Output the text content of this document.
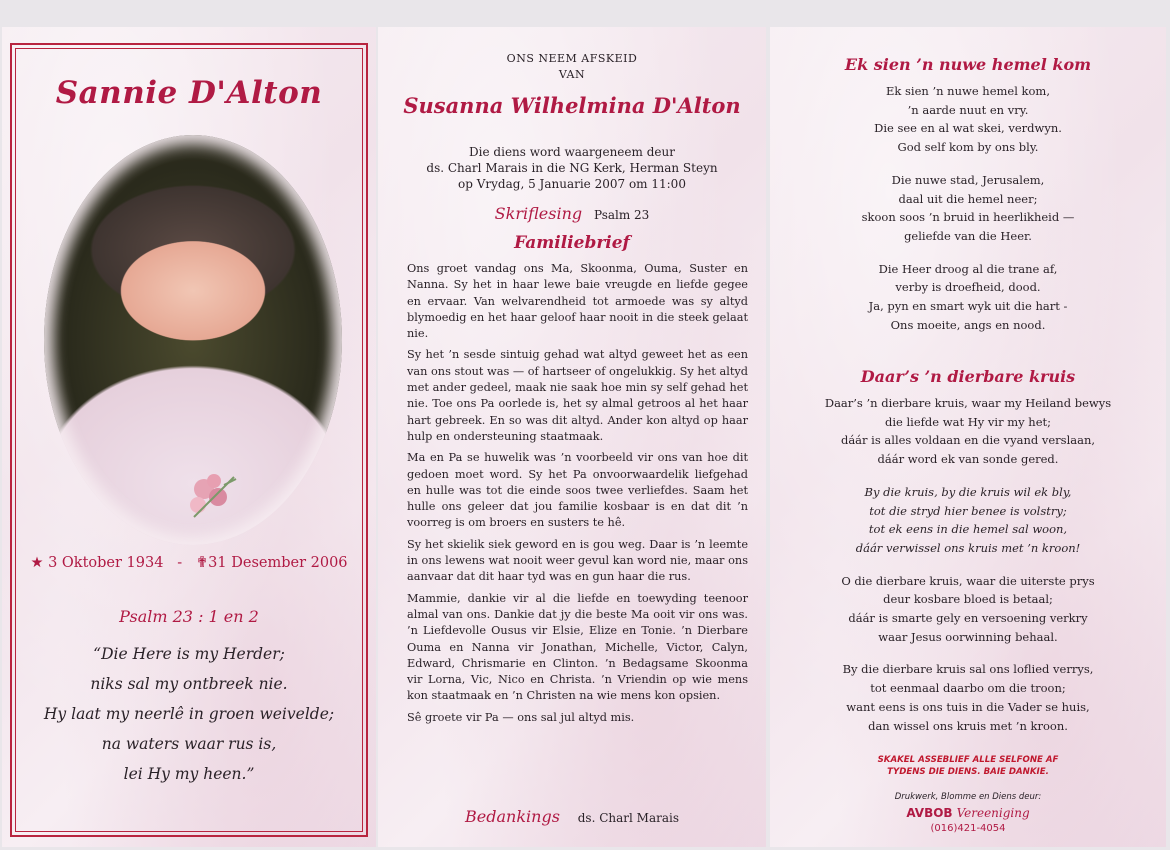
Sannie D'Alton
★ 3 Oktober 1934 - ✟31 Desember 2006
Psalm 23 : 1 en 2
“Die Here is my Herder;
niks sal my ontbreek nie.
Hy laat my neerlê in groen weivelde;
na waters waar rus is,
lei Hy my heen.”
ONS NEEM AFSKEID
VAN
Susanna Wilhelmina D'Alton
Die diens word waargeneem deur
ds. Charl Marais in die NG Kerk, Herman Steyn
op Vrydag, 5 Januarie 2007 om 11:00
Skriflesing Psalm 23
Familiebrief

Ons groet vandag ons Ma, Skoonma, Ouma, Suster en Nanna. Sy het in haar lewe baie vreugde en liefde gegee en ervaar. Van welvarendheid tot armoede was sy altyd blymoedig en het haar geloof haar nooit in die steek gelaat nie.

Sy het ’n sesde sintuig gehad wat altyd geweet het as een van ons stout was — of hartseer of ongelukkig. Sy het altyd met ander gedeel, maak nie saak hoe min sy self gehad het nie. Toe ons Pa oorlede is, het sy almal getroos al het haar hart gebreek. En so was dit altyd. Ander kon altyd op haar hulp en ondersteuning staatmaak.

Ma en Pa se huwelik was ’n voorbeeld vir ons van hoe dit gedoen moet word. Sy het Pa onvoorwaardelik liefgehad en hulle was tot die einde soos twee verliefdes. Saam het hulle ons geleer dat jou familie kosbaar is en dat dit ’n voorreg is om broers en susters te hê.

Sy het skielik siek geword en is gou weg. Daar is ’n leemte in ons lewens wat nooit weer gevul kan word nie, maar ons aanvaar dat dit haar tyd was en gun haar die rus.

Mammie, dankie vir al die liefde en toewyding teenoor almal van ons. Dankie dat jy die beste Ma ooit vir ons was. ’n Liefdevolle Ousus vir Elsie, Elize en Tonie. ’n Dierbare Ouma en Nanna vir Jonathan, Michelle, Victor, Calyn, Edward, Chrismarie en Clinton. ’n Bedagsame Skoonma vir Lorna, Vic, Nico en Christa. ’n Vriendin op wie mens kon staatmaak en ’n Christen na wie mens kon opsien.

Sê groete vir Pa — ons sal jul altyd mis.

Bedankings ds. Charl Marais
Ek sien ’n nuwe hemel kom
Ek sien ’n nuwe hemel kom,
’n aarde nuut en vry.
Die see en al wat skei, verdwyn.
God self kom by ons bly.
Die nuwe stad, Jerusalem,
daal uit die hemel neer;
skoon soos ’n bruid in heerlikheid —
geliefde van die Heer.
Die Heer droog al die trane af,
verby is droefheid, dood.
Ja, pyn en smart wyk uit die hart -
Ons moeite, angs en nood.
Daar’s ’n dierbare kruis
Daar’s ’n dierbare kruis, waar my Heiland bewys
die liefde wat Hy vir my het;
dáár is alles voldaan en die vyand verslaan,
dáár word ek van sonde gered.
By die kruis, by die kruis wil ek bly,
tot die stryd hier benee is volstry;
tot ek eens in die hemel sal woon,
dáár verwissel ons kruis met ’n kroon!
O die dierbare kruis, waar die uiterste prys
deur kosbare bloed is betaal;
dáár is smarte gely en versoening verkry
waar Jesus oorwinning behaal.
By die dierbare kruis sal ons loflied verrys,
tot eenmaal daarbo om die troon;
want eens is ons tuis in die Vader se huis,
dan wissel ons kruis met ’n kroon.
SKAKEL ASSEBLIEF ALLE SELFONE AF
TYDENS DIE DIENS. BAIE DANKIE.
Drukwerk, Blomme en Diens deur:
AVBOB Vereeniging
(016)421-4054
